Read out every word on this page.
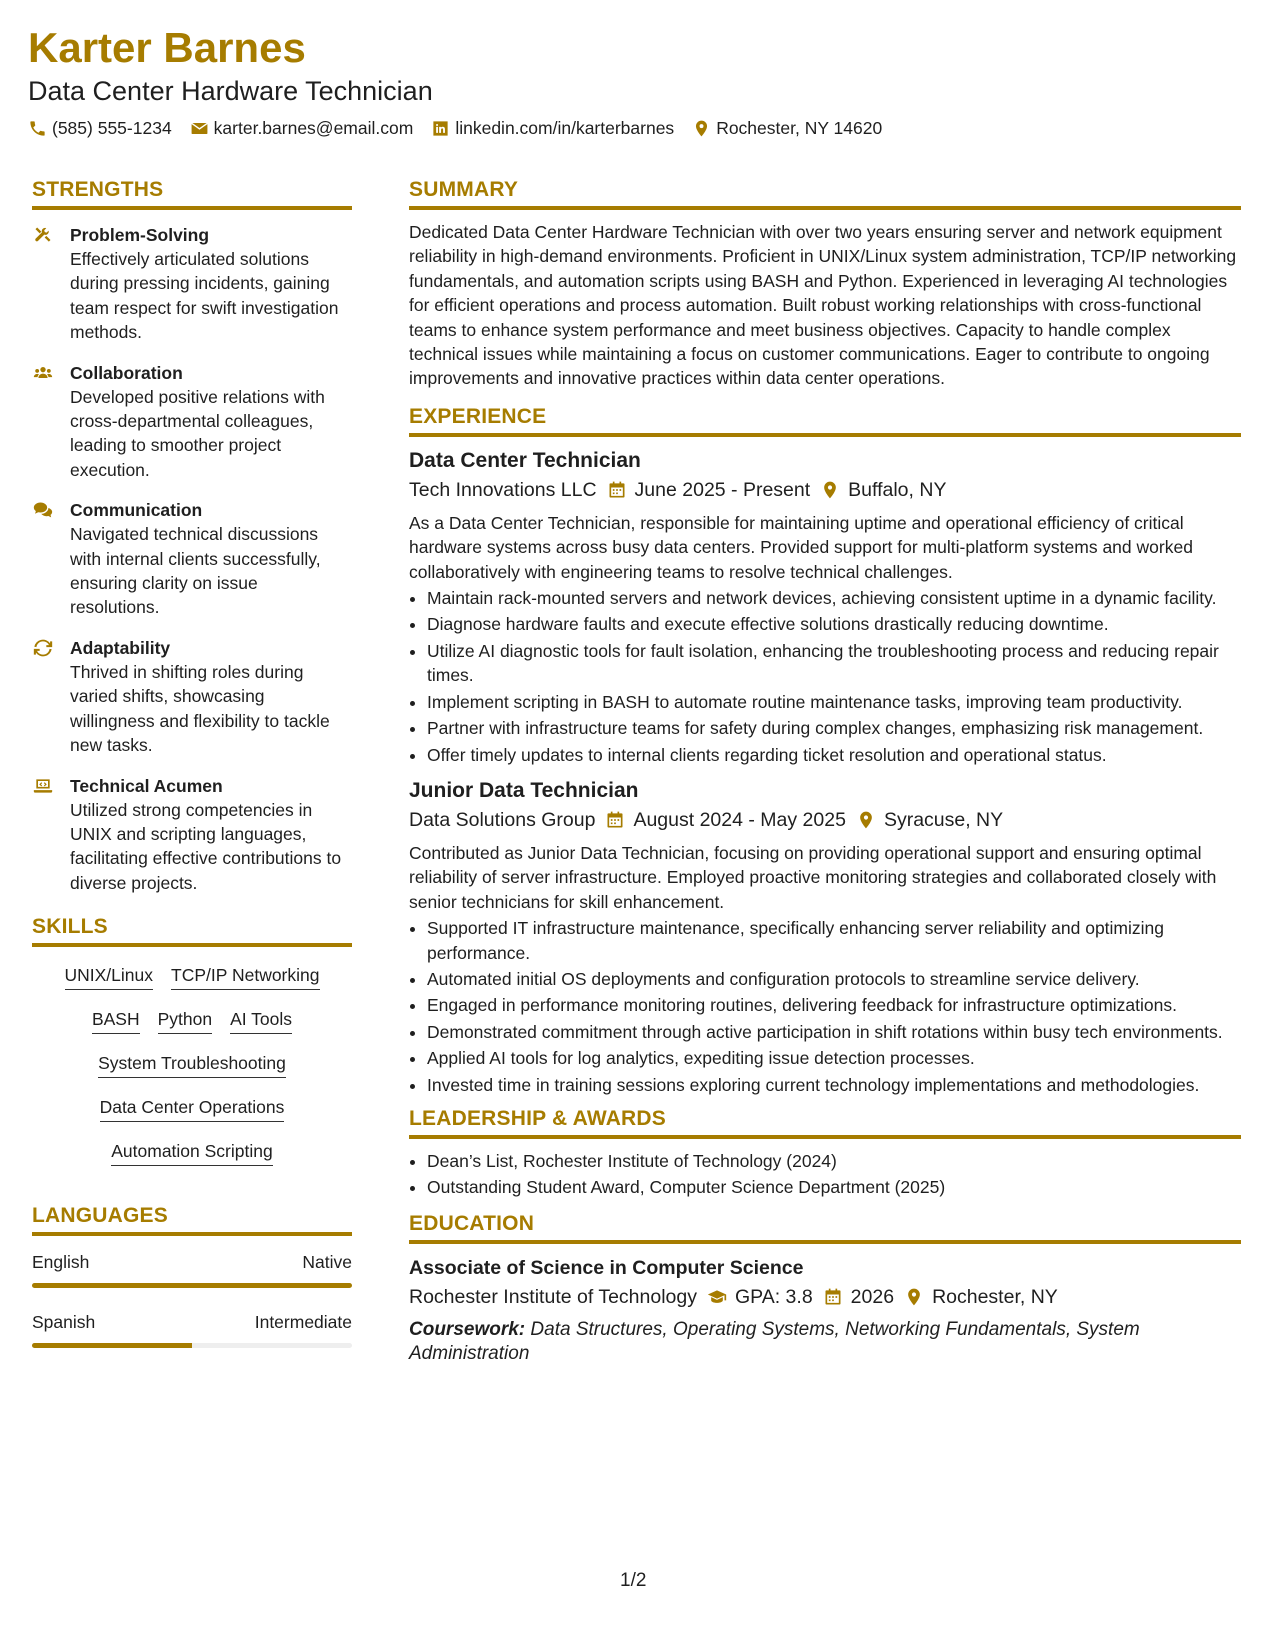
Karter Barnes
Data Center Hardware Technician
(585) 555-1234 karter.barnes@email.com linkedin.com/in/karterbarnes Rochester, NY 14620
STRENGTHS
Problem-Solving
Effectively articulated solutions during pressing incidents, gaining team respect for swift investigation methods.
Collaboration
Developed positive relations with cross-departmental colleagues, leading to smoother project execution.
Communication
Navigated technical discussions with internal clients successfully, ensuring clarity on issue resolutions.
Adaptability
Thrived in shifting roles during varied shifts, showcasing willingness and flexibility to tackle new tasks.
Technical Acumen
Utilized strong competencies in UNIX and scripting languages, facilitating effective contributions to diverse projects.
SKILLS
UNIX/Linux TCP/IP Networking
BASH Python AI Tools
System Troubleshooting
Data Center Operations
Automation Scripting
LANGUAGES
English	Native
Spanish	Intermediate
SUMMARY
Dedicated Data Center Hardware Technician with over two years ensuring server and network equipment reliability in high-demand environments. Proficient in UNIX/Linux system administration, TCP/IP networking fundamentals, and automation scripts using BASH and Python. Experienced in leveraging AI technologies for efficient operations and process automation. Built robust working relationships with cross-functional teams to enhance system performance and meet business objectives. Capacity to handle complex technical issues while maintaining a focus on customer communications. Eager to contribute to ongoing improvements and innovative practices within data center operations.
EXPERIENCE
Data Center Technician
Tech Innovations LLC June 2025 - Present Buffalo, NY
As a Data Center Technician, responsible for maintaining uptime and operational efficiency of critical hardware systems across busy data centers. Provided support for multi-platform systems and worked collaboratively with engineering teams to resolve technical challenges.
• Maintain rack-mounted servers and network devices, achieving consistent uptime in a dynamic facility.
• Diagnose hardware faults and execute effective solutions drastically reducing downtime.
• Utilize AI diagnostic tools for fault isolation, enhancing the troubleshooting process and reducing repair times.
• Implement scripting in BASH to automate routine maintenance tasks, improving team productivity.
• Partner with infrastructure teams for safety during complex changes, emphasizing risk management.
• Offer timely updates to internal clients regarding ticket resolution and operational status.
Junior Data Technician
Data Solutions Group August 2024 - May 2025 Syracuse, NY
Contributed as Junior Data Technician, focusing on providing operational support and ensuring optimal reliability of server infrastructure. Employed proactive monitoring strategies and collaborated closely with senior technicians for skill enhancement.
• Supported IT infrastructure maintenance, specifically enhancing server reliability and optimizing performance.
• Automated initial OS deployments and configuration protocols to streamline service delivery.
• Engaged in performance monitoring routines, delivering feedback for infrastructure optimizations.
• Demonstrated commitment through active participation in shift rotations within busy tech environments.
• Applied AI tools for log analytics, expediting issue detection processes.
• Invested time in training sessions exploring current technology implementations and methodologies.
LEADERSHIP & AWARDS
• Dean’s List, Rochester Institute of Technology (2024)
• Outstanding Student Award, Computer Science Department (2025)
EDUCATION
Associate of Science in Computer Science
Rochester Institute of Technology GPA: 3.8 2026 Rochester, NY
Coursework: Data Structures, Operating Systems, Networking Fundamentals, System Administration
1/2
